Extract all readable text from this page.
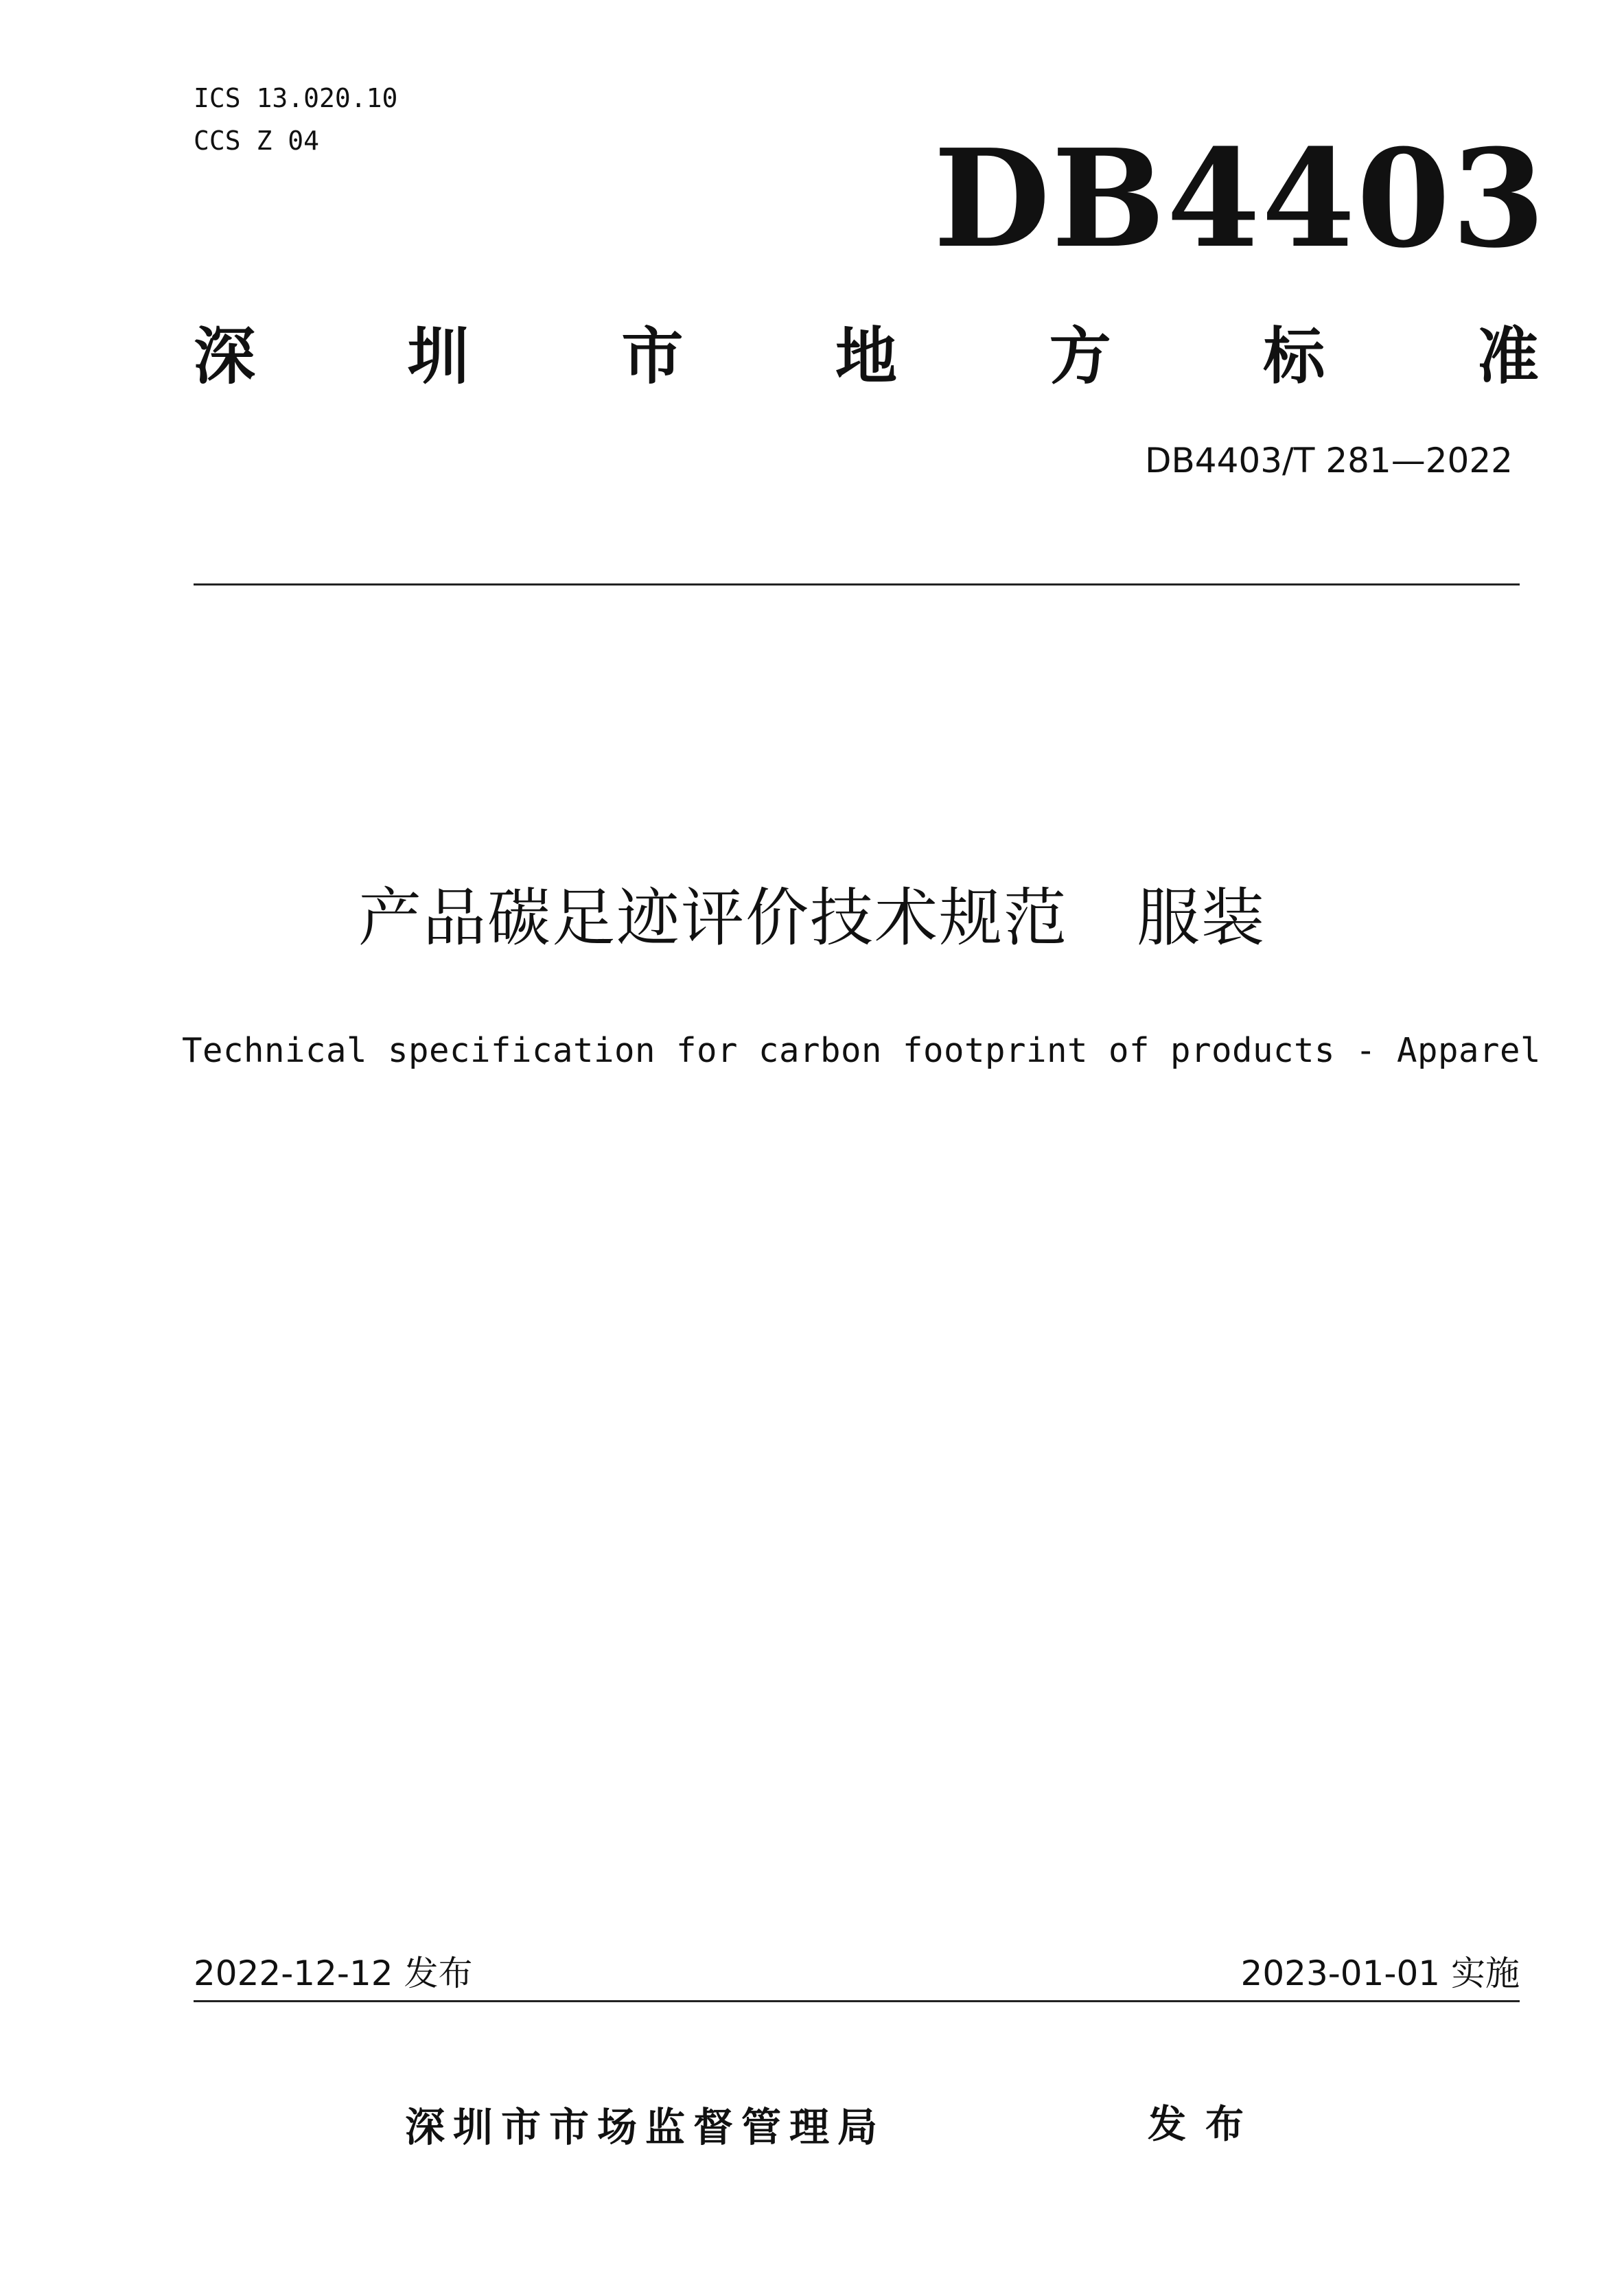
ICS 13.020.10
CCS Z 04	DB4403
深 圳 市 地 方 标 准
DB4403/T 281—2022
产品碳足迹评价技术规范 服装
Technical specification for carbon footprint of products - Apparel
2022-12-12 发布	2023-01-01 实施
深圳市市场监督管理局	发布
